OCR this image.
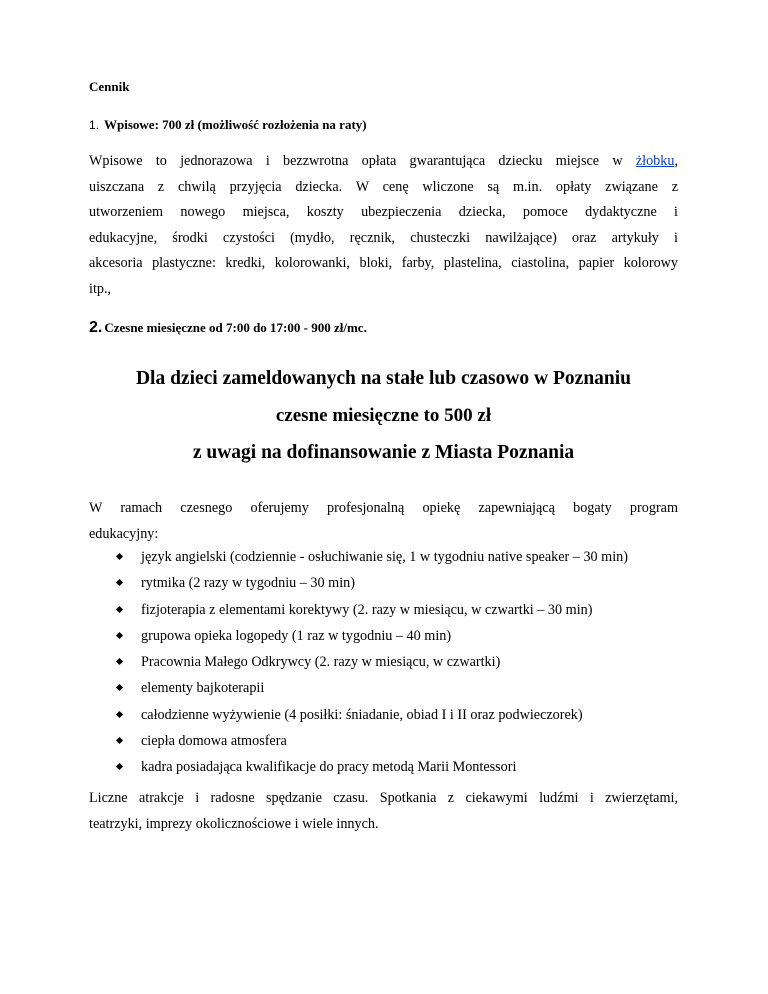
Cennik
1. Wpisowe: 700 zł (możliwość rozłożenia na raty)
Wpisowe to jednorazowa i bezzwrotna opłata gwarantująca dziecku miejsce w żłobku,
uiszczana z chwilą przyjęcia dziecka. W cenę wliczone są m.in. opłaty związane z
utworzeniem nowego miejsca, koszty ubezpieczenia dziecka, pomoce dydaktyczne i
edukacyjne, środki czystości (mydło, ręcznik, chusteczki nawilżające) oraz artykuły i
akcesoria plastyczne: kredki, kolorowanki, bloki, farby, plastelina, ciastolina, papier kolorowy
itp.,
2. Czesne miesięczne od 7:00 do 17:00 - 900 zł/mc.
Dla dzieci zameldowanych na stałe lub czasowo w Poznaniu
czesne miesięczne to 500 zł
z uwagi na dofinansowanie z Miasta Poznania
W ramach czesnego oferujemy profesjonalną opiekę zapewniającą bogaty program
edukacyjny:
język angielski (codziennie - osłuchiwanie się, 1 w tygodniu native speaker – 30 min)
rytmika (2 razy w tygodniu – 30 min)
fizjoterapia z elementami korektywy (2. razy w miesiącu, w czwartki – 30 min)
grupowa opieka logopedy (1 raz w tygodniu – 40 min)
Pracownia Małego Odkrywcy (2. razy w miesiącu, w czwartki)
elementy bajkoterapii
całodzienne wyżywienie (4 posiłki: śniadanie, obiad I i II oraz podwieczorek)
ciepła domowa atmosfera
kadra posiadająca kwalifikacje do pracy metodą Marii Montessori
Liczne atrakcje i radosne spędzanie czasu. Spotkania z ciekawymi ludźmi i zwierzętami,
teatrzyki, imprezy okolicznościowe i wiele innych.
